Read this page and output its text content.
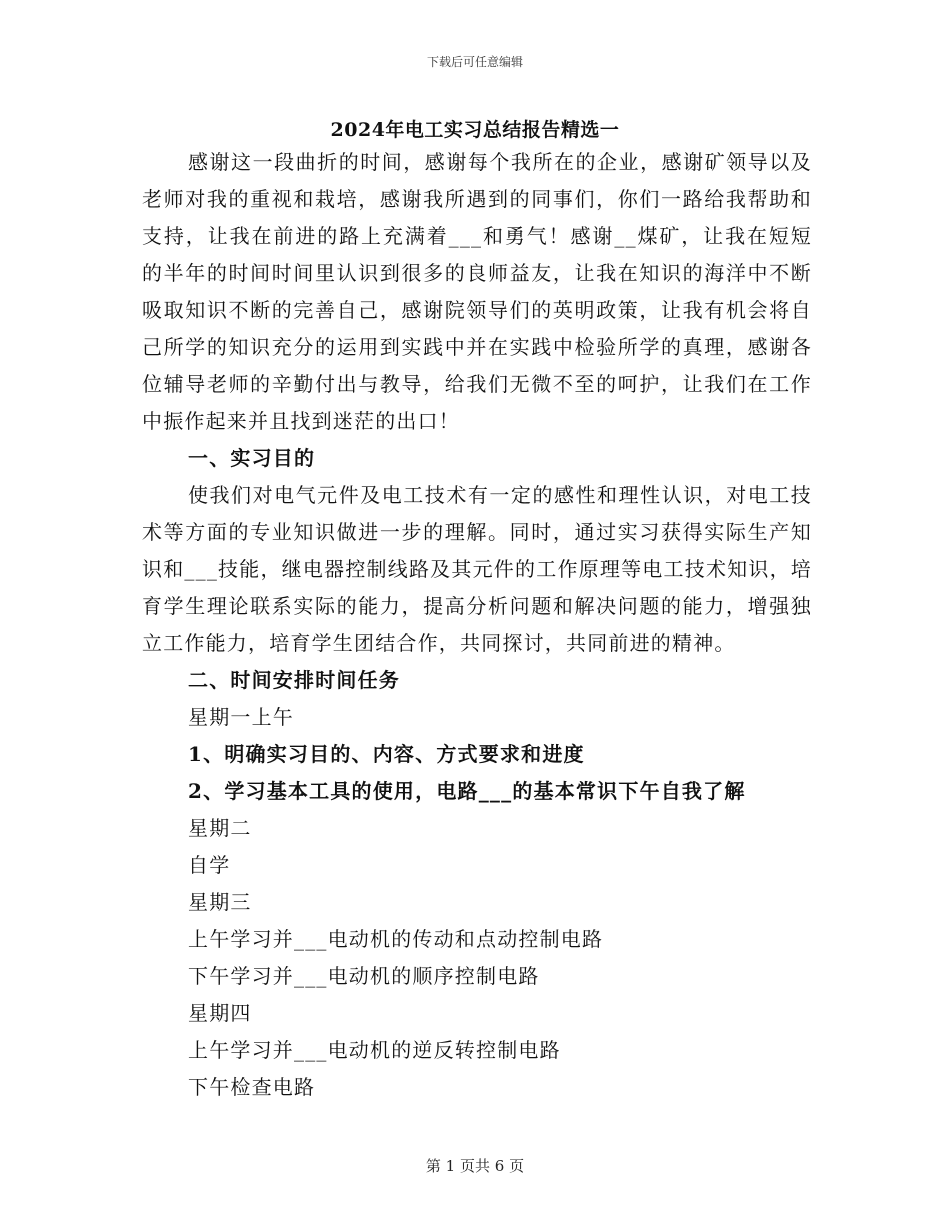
下载后可任意编辑
2024年电工实习总结报告精选一

感谢这一段曲折的时间，感谢每个我所在的企业，感谢矿领导以及老师对我的重视和栽培，感谢我所遇到的同事们，你们一路给我帮助和支持，让我在前进的路上充满着___和勇气！感谢__煤矿，让我在短短的半年的时间时间里认识到很多的良师益友，让我在知识的海洋中不断吸取知识不断的完善自己，感谢院领导们的英明政策，让我有机会将自己所学的知识充分的运用到实践中并在实践中检验所学的真理，感谢各位辅导老师的辛勤付出与教导，给我们无微不至的呵护，让我们在工作中振作起来并且找到迷茫的出口！

一、实习目的

使我们对电气元件及电工技术有一定的感性和理性认识，对电工技术等方面的专业知识做进一步的理解。同时，通过实习获得实际生产知识和___技能，继电器控制线路及其元件的工作原理等电工技术知识，培育学生理论联系实际的能力，提高分析问题和解决问题的能力，增强独立工作能力，培育学生团结合作，共同探讨，共同前进的精神。

二、时间安排时间任务

星期一上午

1、明确实习目的、内容、方式要求和进度

2、学习基本工具的使用，电路___的基本常识下午自我了解

星期二

自学

星期三

上午学习并___电动机的传动和点动控制电路

下午学习并___电动机的顺序控制电路

星期四

上午学习并___电动机的逆反转控制电路

下午检查电路

第 1 页共 6 页
